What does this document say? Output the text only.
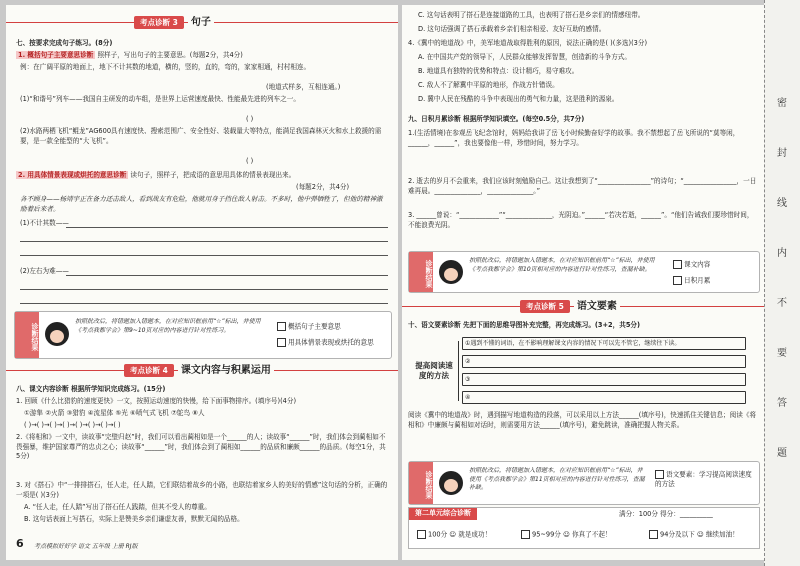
考点诊断 3	句子
七、按要求完成句子练习。(8分)
1. 概括句子主要意思诊断 照样子，写出句子的主要意思。(每题2分，共4分)
例：在广阔平原的地面上，地下不计其数的地道，横的，竖的，直的，弯的，家家相通，村村相连。
(地道式样多，互相连通。)
(1)“和谐号”列车——我国自主研发的动车组，是世界上运营速度最快、性能最先进的列车之一。
( )
(2)水路两栖飞机“鲲龙”AG600具有速度快、搜索范围广、安全性好、装载量大等特点，能满足我国森林灭火和水上救援的需要，是一款全能型的“大飞机”。
( )
2. 用具体情景表现或烘托的意思诊断 读句子，照样子，把成语的意思用具体的情景表现出来。
(每题2分，共4分)
各不顾身——杨靖宇正在备力还击敌人，看到战友有危险，他就用身子挡住敌人射击。不多时，他中弹牺牲了，但他的精神激励着后来者。
(1)不计其数——
(2)左右为难——
诊断结果
拍照批改后，将错题加入错题本，在对应知识框前用“☆”标出，并使用《考点我都学会》第9~10页对应的内容进行针对性练习。	概括句子主要意思
用具体情景表现或烘托的意思
考点诊断 4	课文内容与积累运用
八、课文内容诊断 根据所学知识完成练习。(15分)
1. 回顾《什么比猎豹的速度更快》一文，按照运动速度的快慢，给下面事物排序。(填序号)(4分)
①游隼 ②火箭 ③猎豹 ④流星体 ⑤光 ⑥喷气式飞机 ⑦鸵鸟 ⑧人
( )→( )→( )→( )→( )→( )→( )→( )
2.《将相和》一文中，读故事“完璧归赵”时，我们可以看出蔺相如是一个______的人；读故事“______”时，我们体会到蔺相如不畏强暴，维护国家尊严的忠贞之心；读故事“______”时，我们体会到了蔺相如______的品质和廉颇______的品质。(每空1分，共5分)
3. 对《搭石》中“一排排搭石，任人走，任人踏，它们联结着故乡的小路，也联结着家乡人的美好的情感”这句话的分析，正确的一项是( )(3分)
A. “任人走，任人踏”写出了搭石任人践踏，但其不受人的尊重。
B. 这句话表面上写搭石，实际上是赞美乡亲们谦虚友善，默默无闻的品格。
6 考点模拟好好学 语文 五年级 上册 RJ版
C. 这句话表明了搭石是连接道路的工具，也表明了搭石是乡亲们的情感纽带。
D. 这句话强调了搭石承载着乡亲们相亲相爱、友好互助的感情。
4.《冀中的地道战》中，美军地道战取得胜利的原因，说法正确的是( )(多选)(3分)
A. 在中国共产党的领导下，人民群众能够发挥智慧，创造新的斗争方式。
B. 地道具有独特的优势和特点：设计精巧，易守难攻。
C. 敌人不了解冀中平原的地形，作战方针错误。
D. 冀中人民在残酷的斗争中表现出的勇气和力量，这是胜利的源泉。
九、日积月累诊断 根据所学知识填空。(每空0.5分，共7分)
1.(生活情境)在参观岳飞纪念馆时，妈妈给我讲了岳飞小时候勤奋好学的故事。我不禁想起了岳飞所说的“莫等闲，______，______”，我也要像他一样，珍惜时间，努力学习。
2. 逝去的岁月不会重来，我们应该时刻勉励自己。这让我想到了“________________”的诗句；“________________，一日难再晨。______________，______________。”
3. ______曾说：“____________”“______________，光阴迫。”______“若决若逝，______”。“他们告诫我们要珍惜时间，不能浪费光阴。
诊断结果	拍照批改后，将错题加入错题本，在对应知识框前用“☆”标出，并使用《考点我都学会》第10页相对应的内容进行针对性练习，查漏补缺。
课文内容
日积月累
考点诊断 5	语文要素
十、语文要素诊断 先把下面的思维导图补充完整，再完成练习。(3+2，共5分)
提高阅读速度的方法
①遇到不懂的词语，在不影响理解课文内容的情况下可以先不管它，继续往下读。
②
③
④
阅读《冀中的地道战》时，遇到描写地道构造的段落，可以采用以上方法______(填序号)，快速抓住关键信息；阅读《将相和》中廉颇与蔺相如对话时，则需要用方法______(填序号)，避免跳读，准确把握人物关系。
诊断结果
拍照批改后，将错题加入错题本，在对应知识框前用“☆”标出，并使用《考点我都学会》第11页相对应的内容进行针对性练习，查漏补缺。
语文要素：学习提高阅读速度的方法
第二单元综合诊断	满分：100分 得分：__________
100分 ☺ 就是成功！	95~99分 ☺ 你真了不起！	94分及以下 ☺ 继续加油！
密
封
线
内
不
要
答
题
